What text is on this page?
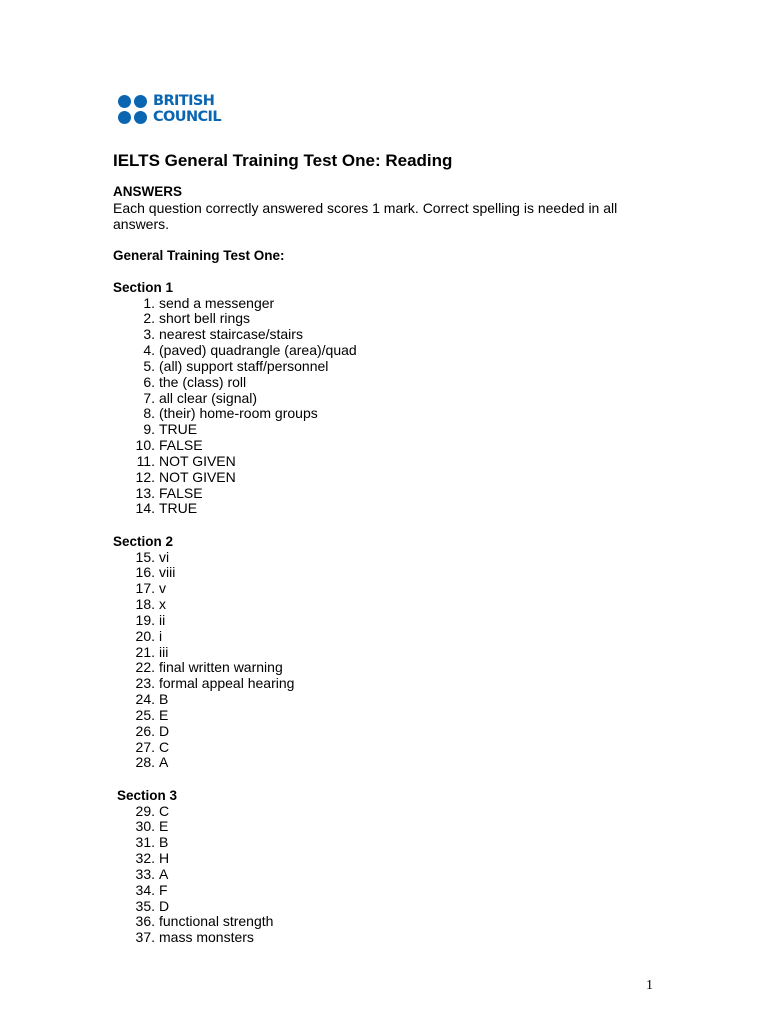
BRITISH
COUNCIL
IELTS General Training Test One: Reading
ANSWERS
Each question correctly answered scores 1 mark. Correct spelling is needed in all answers.
General Training Test One:
Section 1
1. send a messenger
2. short bell rings
3. nearest staircase/stairs
4. (paved) quadrangle (area)/quad
5. (all) support staff/personnel
6. the (class) roll
7. all clear (signal)
8. (their) home-room groups
9. TRUE
10. FALSE
11. NOT GIVEN
12. NOT GIVEN
13. FALSE
14. TRUE
Section 2
15. vi
16. viii
17. v
18. x
19. ii
20. i
21. iii
22. final written warning
23. formal appeal hearing
24. B
25. E
26. D
27. C
28. A
Section 3
29. C
30. E
31. B
32. H
33. A
34. F
35. D
36. functional strength
37. mass monsters
1
